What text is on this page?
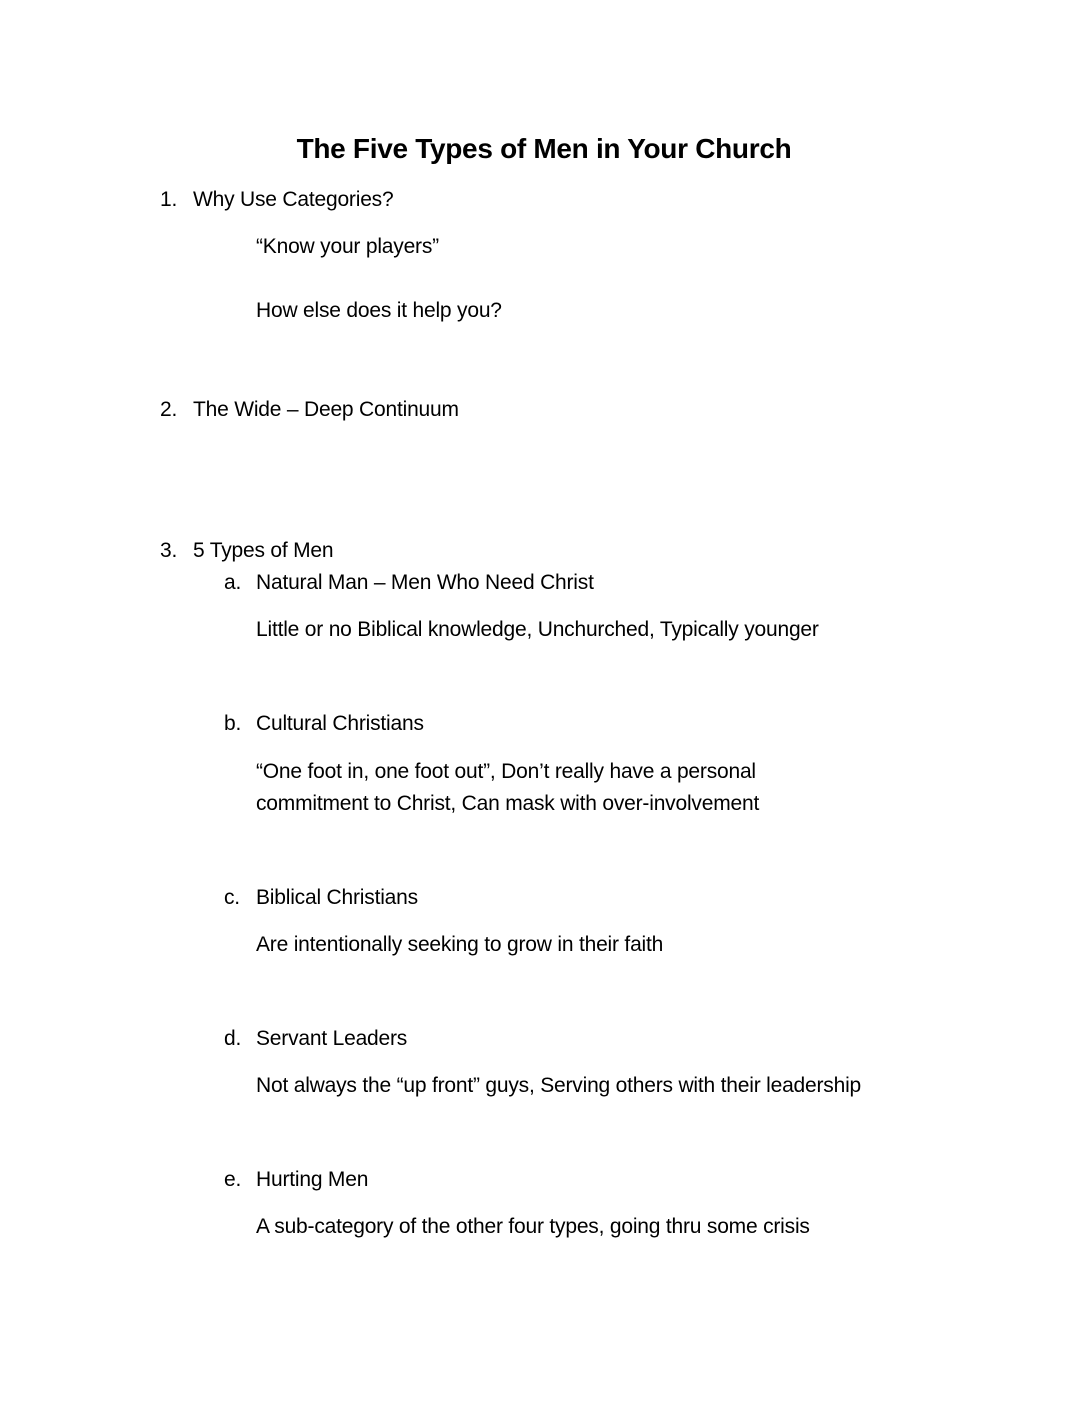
The Five Types of Men in Your Church
1. Why Use Categories?
“Know your players”
How else does it help you?
2. The Wide – Deep Continuum
3. 5 Types of Men
a. Natural Man – Men Who Need Christ
Little or no Biblical knowledge, Unchurched, Typically younger
b. Cultural Christians
“One foot in, one foot out”, Don’t really have a personal
commitment to Christ, Can mask with over-involvement
c. Biblical Christians
Are intentionally seeking to grow in their faith
d. Servant Leaders
Not always the “up front” guys, Serving others with their leadership
e. Hurting Men
A sub-category of the other four types, going thru some crisis
